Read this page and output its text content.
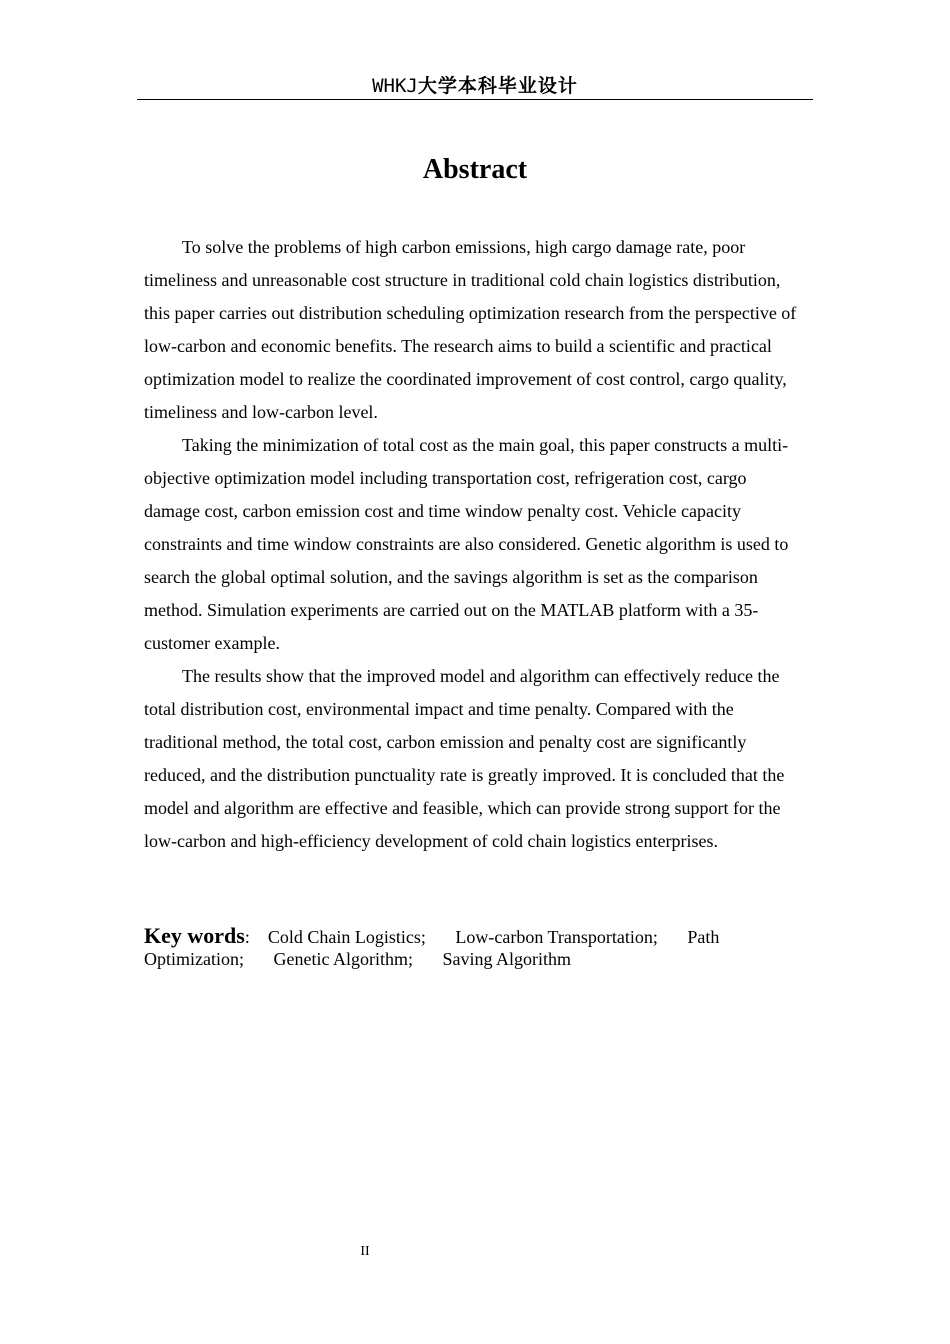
WHKJ大学本科毕业设计
Abstract

To solve the problems of high carbon emissions, high cargo damage rate, poor timeliness and unreasonable cost structure in traditional cold chain logistics distribution, this paper carries out distribution scheduling optimization research from the perspective of low-carbon and economic benefits. The research aims to build a scientific and practical optimization model to realize the coordinated improvement of cost control, cargo quality, timeliness and low-carbon level.

Taking the minimization of total cost as the main goal, this paper constructs a multi-objective optimization model including transportation cost, refrigeration cost, cargo damage cost, carbon emission cost and time window penalty cost. Vehicle capacity constraints and time window constraints are also considered. Genetic algorithm is used to search the global optimal solution, and the savings algorithm is set as the comparison method. Simulation experiments are carried out on the MATLAB platform with a 35-customer example.

The results show that the improved model and algorithm can effectively reduce the total distribution cost, environmental impact and time penalty. Compared with the traditional method, the total cost, carbon emission and penalty cost are significantly reduced, and the distribution punctuality rate is greatly improved. It is concluded that the model and algorithm are effective and feasible, which can provide strong support for the low-carbon and high-efficiency development of cold chain logistics enterprises.

Key words: Cold Chain Logistics; Low-carbon Transportation; Path Optimization; Genetic Algorithm; Saving Algorithm
II
